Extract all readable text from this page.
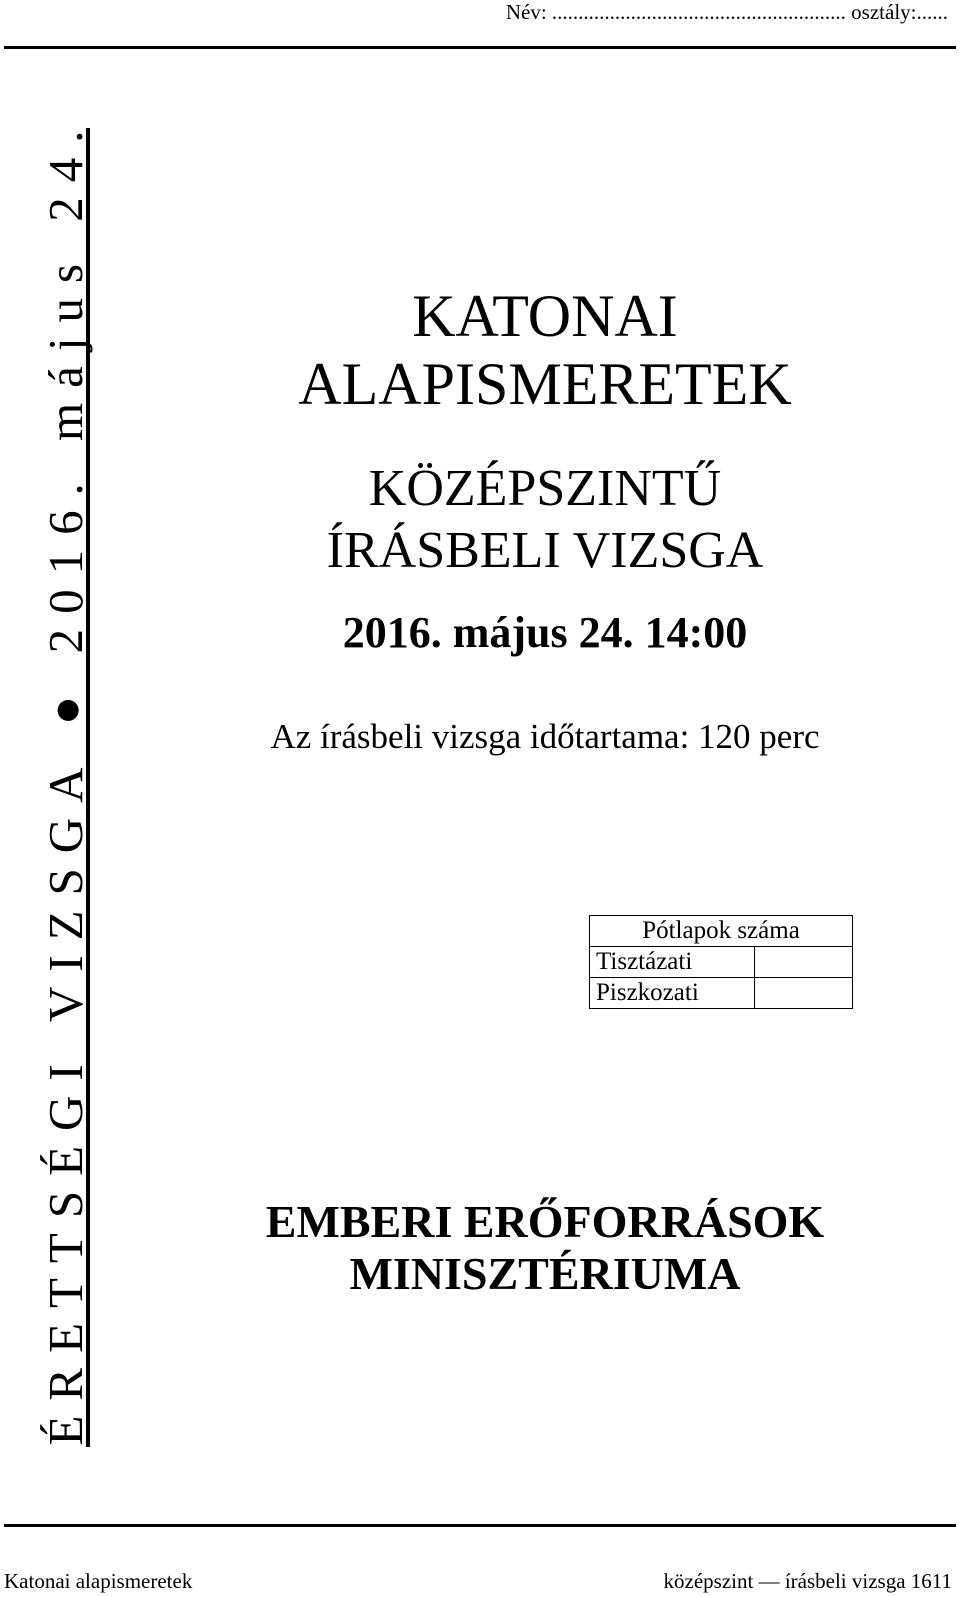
Név: ........................................................ osztály:......
É
R
E
T
T
S
É
G
I

V
I
Z
S
G
A

●

2
0
1
6
.

m
á
j
u
s

2
4
.
KATONAI
ALAPISMERETEK
KÖZÉPSZINTŰ
ÍRÁSBELI VIZSGA
2016. május 24. 14:00
Az írásbeli vizsga időtartama: 120 perc
Pótlapok száma	
Tisztázati	
Piszkozati	
EMBERI ERŐFORRÁSOK
MINISZTÉRIUMA
Katonai alapismeretek	középszint — írásbeli vizsga 1611
